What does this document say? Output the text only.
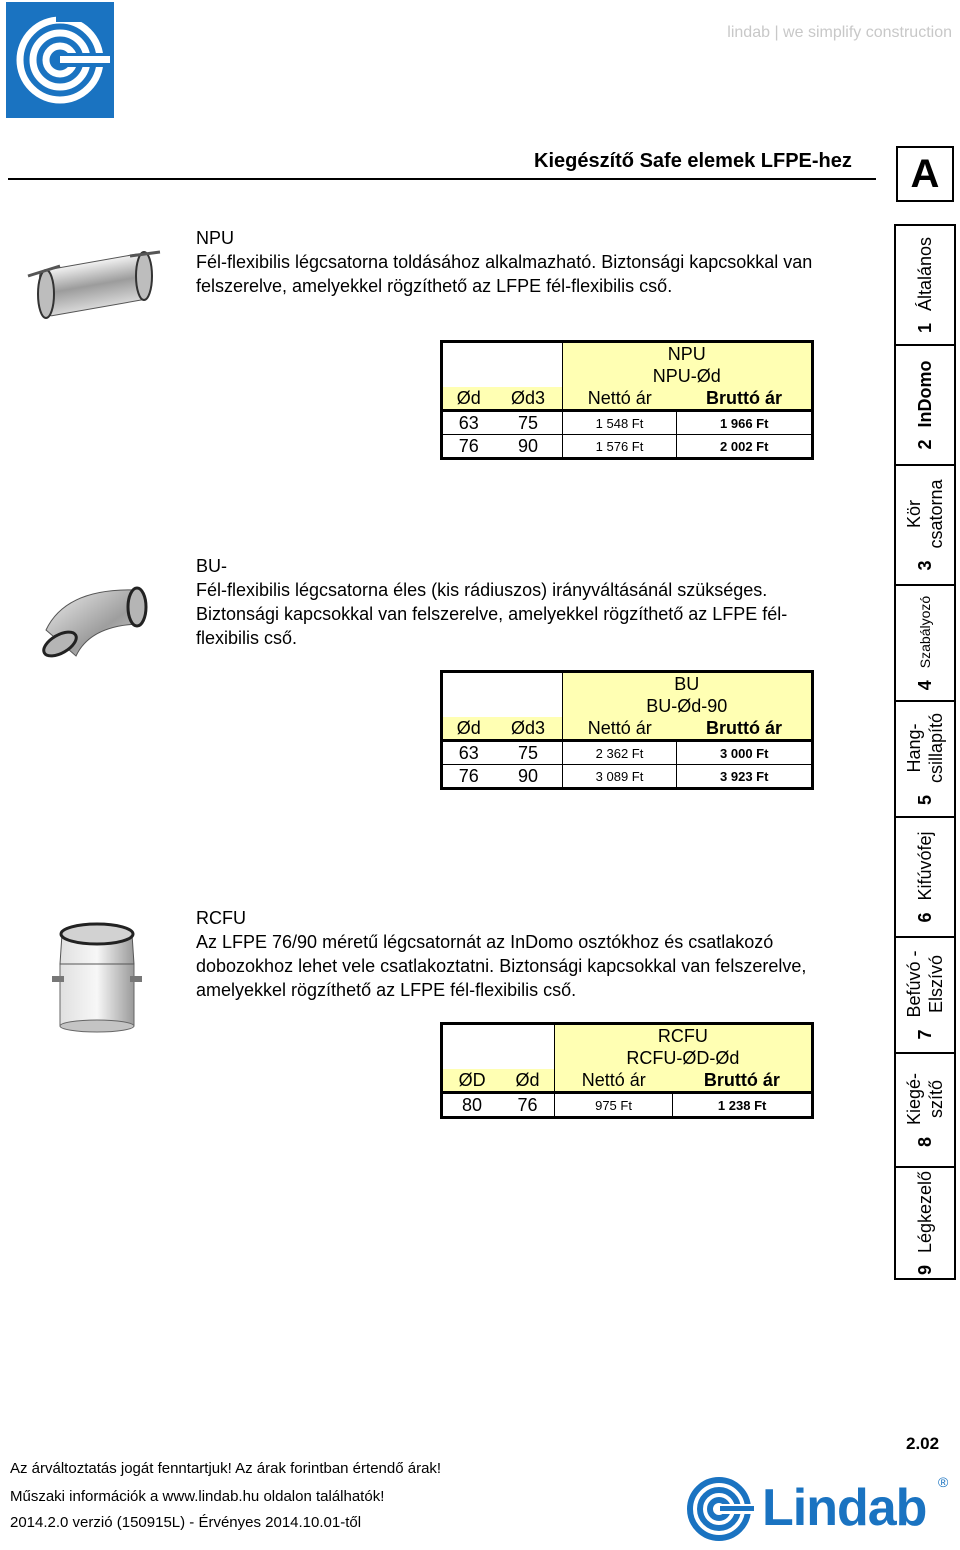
lindab | we simplify construction
Kiegészítő Safe elemek LFPE-hez	A
1
Általános
2
InDomo
3
Kör
csatorna
4
Szabályozó
5
Hang-
csillapító
6
Kifúvófej
7
Befúvó -
Elszívó
8
Kiegé-
szítő
9
Légkezelő
NPU
Fél-flexibilis légcsatorna toldásához alkalmazható. Biztonsági kapcsokkal van felszerelve, amelyekkel rögzíthető az LFPE fél-flexibilis cső.
		NPU	
		NPU-Ød	
Ød	Ød3	Nettó ár	Bruttó ár
63	75	1 548 Ft	1 966 Ft
76	90	1 576 Ft	2 002 Ft
BU-
Fél-flexibilis légcsatorna éles (kis rádiuszos) irányváltásánál szükséges. Biztonsági kapcsokkal van felszerelve, amelyekkel rögzíthető az LFPE fél-flexibilis cső.
		BU	
		BU-Ød-90	
Ød	Ød3	Nettó ár	Bruttó ár
63	75	2 362 Ft	3 000 Ft
76	90	3 089 Ft	3 923 Ft
RCFU
Az LFPE 76/90 méretű légcsatornát az InDomo osztókhoz és csatlakozó dobozokhoz lehet vele csatlakoztatni. Biztonsági kapcsokkal van felszerelve, amelyekkel rögzíthető az LFPE fél-flexibilis cső.
		RCFU	
		RCFU-ØD-Ød	
ØD	Ød	Nettó ár	Bruttó ár
80	76	975 Ft	1 238 Ft
2.02
Az árváltoztatás jogát fenntartjuk! Az árak forintban értendő árak!
Műszaki információk a www.lindab.hu oldalon találhatók!
2014.2.0 verzió (150915L) - Érvényes 2014.10.01-től	Lindab ®
